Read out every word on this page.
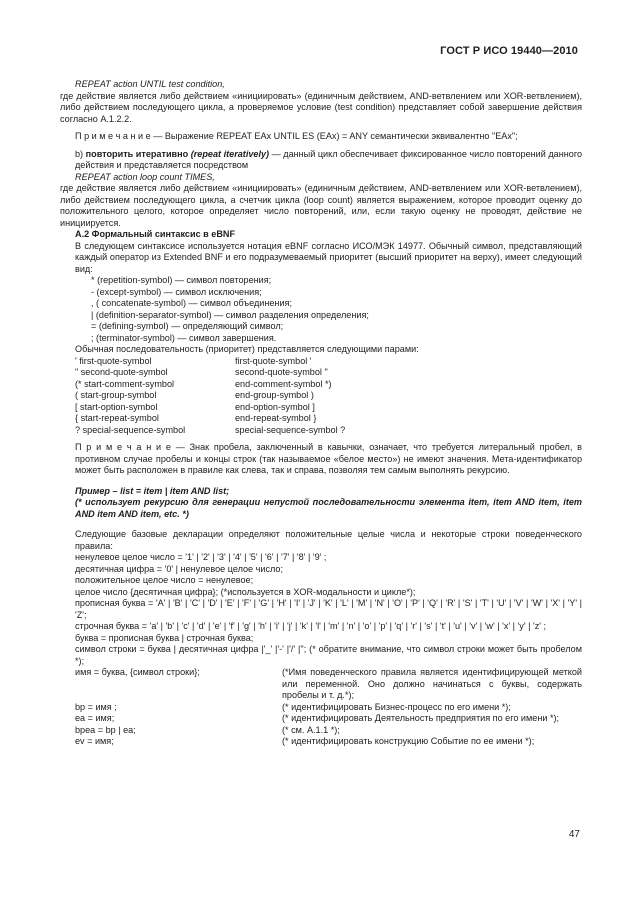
ГОСТ Р ИСО 19440—2010

REPEAT action UNTIL test condition,

где действие является либо действием «инициировать» (единичным действием, AND-ветвлением или XOR-ветвлением), либо действием последующего цикла, а проверяемое условие (test condition) представляет собой завершение действия согласно А.1.2.2.

П р и м е ч а н и е — Выражение REPEAT EAx UNTIL ES (EAx) = ANY семантически эквивалентно "EAx";

b) повторить итеративно (repeat iteratively) — данный цикл обеспечивает фиксированное число повторений данного действия и представляется посредством

REPEAT action loop count TIMES,

где действие является либо действием «инициировать» (единичным действием, AND-ветвлением или XOR-ветвлением), либо действием последующего цикла, а счетчик цикла (loop count) является выражением, которое проводит оценку до положительного целого, которое определяет число повторений, или, если такую оценку не проводят, действие не инициируется.

А.2 Формальный синтаксис в eBNF

В следующем синтаксисе используется нотация eBNF согласно ИСО/МЭК 14977. Обычный символ, представляющий каждый оператор из Extended BNF и его подразумеваемый приоритет (высший приоритет на верху), имеет следующий вид:

* (repetition-symbol) — символ повторения;

- (except-symbol) — символ исключения;

, ( concatenate-symbol) — символ объединения;

| (definition-separator-symbol) — символ разделения определения;

= (defining-symbol) — определяющий символ;

; (terminator-symbol) — символ завершения.

Обычная последовательность (приоритет) представляется следующими парами:

' first-quote-symbol	first-quote-symbol '
" second-quote-symbol	second-quote-symbol "
(* start-comment-symbol	end-comment-symbol *)
( start-group-symbol	end-group-symbol )
[ start-option-symbol	end-option-symbol ]
{ start-repeat-symbol	end-repeat-symbol }
? special-sequence-symbol	special-sequence-symbol ?

П р и м е ч а н и е — Знак пробела, заключенный в кавычки, означает, что требуется литеральный пробел, в противном случае пробелы и концы строк (так называемое «белое место») не имеют значения. Мета-идентификатор может быть расположен в правиле как слева, так и справа, позволяя тем самым выполнять рекурсию.

Пример – list = item | item AND list;

(* использует рекурсию для генерации непустой последовательности элемента item, item AND item, item AND item AND item, etc. *)

Следующие базовые декларации определяют положительные целые числа и некоторые строки поведенческого правила:

ненулевое целое число = '1' | '2' | '3' | '4' | '5' | '6' | '7' | '8' | '9' ;

десятичная цифра = '0' | ненулевое целое число;

положительное целое число = ненулевое;

целое число {десятичная цифра}; (*используется в XOR-модальности и цикле*);

прописная буква = 'A' | 'B' | 'C' | 'D' | 'E' | 'F' | 'G' | 'H' | 'I' | 'J' | 'K' | 'L' | 'M' | 'N' | 'O' | 'P' | 'Q' | 'R' | 'S' | 'T' | 'U' | 'V' | 'W' | 'X' | 'Y' | 'Z';

строчная буква = 'a' | 'b' | 'c' | 'd' | 'e' | 'f' | 'g' | 'h' | 'i' | 'j' | 'k' | 'l' | 'm' | 'n' | 'o' | 'p' | 'q' | 'r' | 's' | 't' | 'u' | 'v' | 'w' | 'x' | 'y' | 'z' ;

буква = прописная буква | строчная буква;

символ строки = буква | десятичная цифра |'_' |'-' |'/' |''; (* обратите внимание, что символ строки может быть пробелом *);

имя = буква, {символ строки};	(*Имя поведенческого правила является идентифицирующей меткой или переменной. Оно должно начинаться с буквы, содержать пробелы и т. д.*);
bp = имя ;	(* идентифицировать Бизнес-процесс по его имени *);
ea = имя;	(* идентифицировать Деятельность предприятия по его имени *);
bpea = bp | ea;	(* см. А.1.1 *);
ev = имя;	(* идентифицировать конструкцию Событие по ее имени *);
47
